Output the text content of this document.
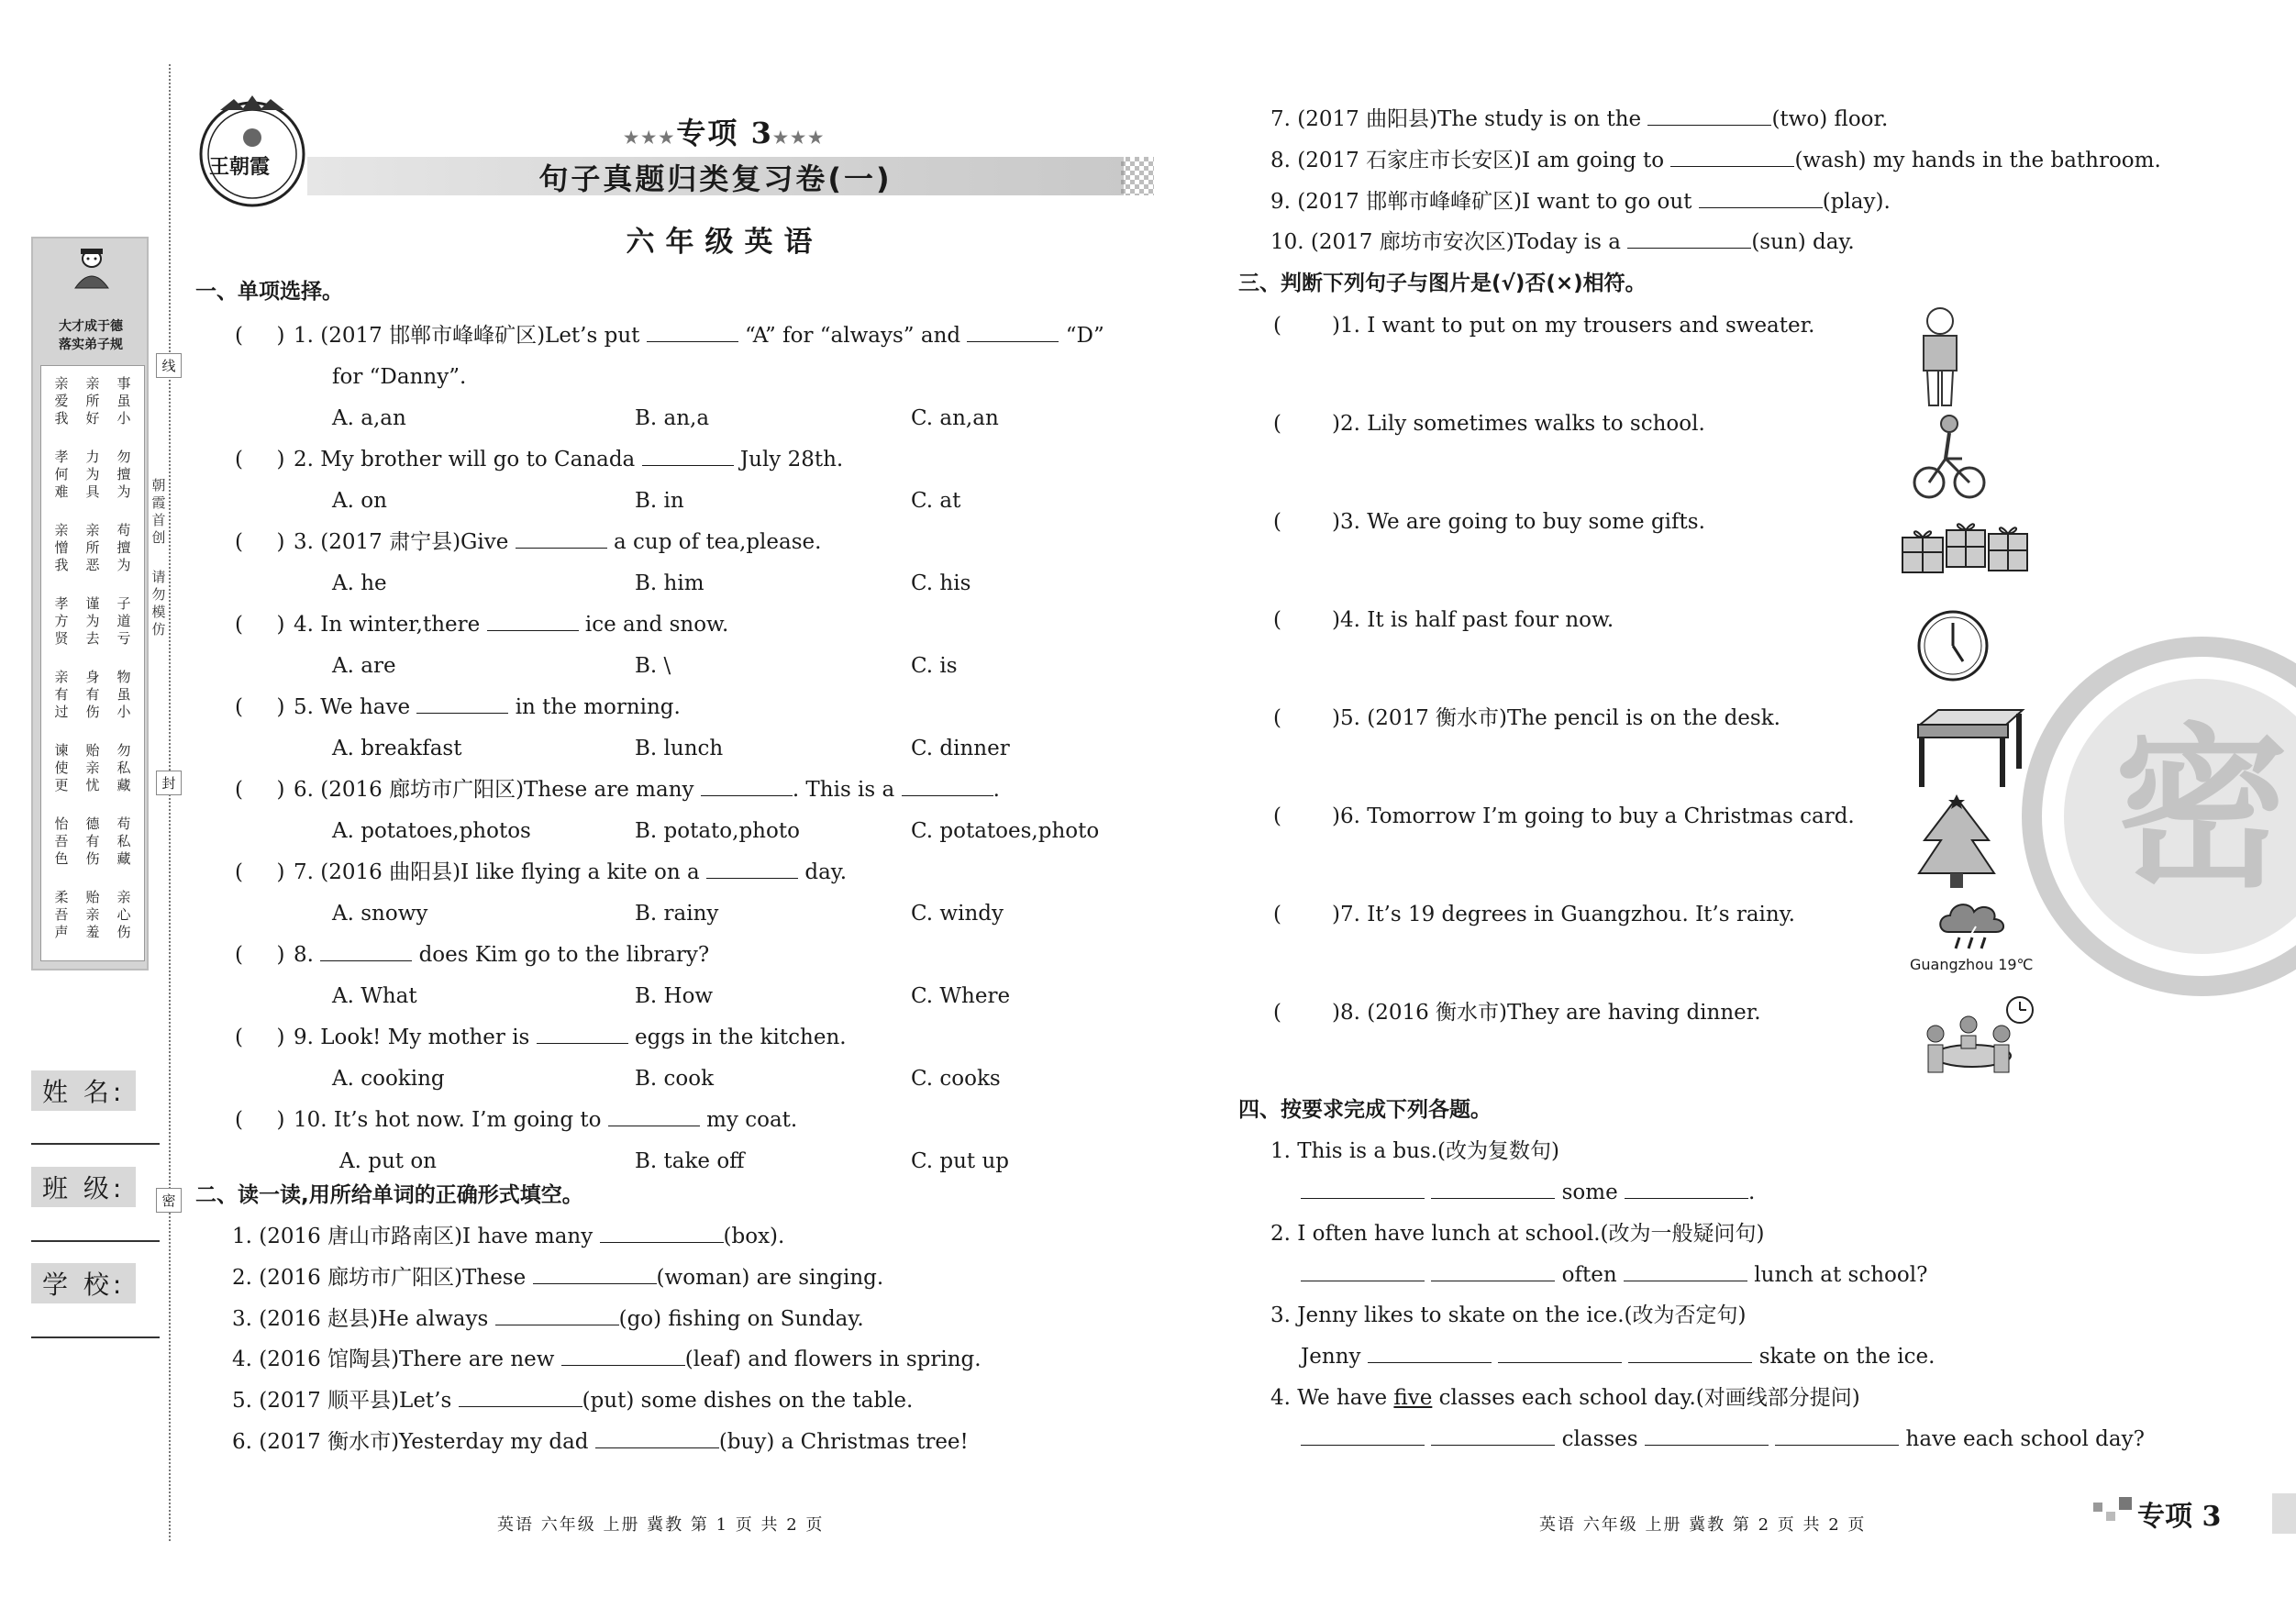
大才成于德
落实弟子规
亲
爱
我
亲
所
好
事
虽
小
孝
何
难
力
为
具
勿
擅
为
亲
憎
我
亲
所
恶
苟
擅
为
孝
方
贤
谨
为
去
子
道
亏
亲
有
过
身
有
伤
物
虽
小
谏
使
更
贻
亲
忧
勿
私
藏
怡
吾
色
德
有
伤
苟
私
藏
柔
吾
声
贻
亲
羞
亲
心
伤
线
封
密
朝
霞
首
创
请
勿
模
仿
姓 名:
班 级:
学 校:
王朝霞
★★★专项 3★★★
句子真题归类复习卷(一)
六年级英语
一、单项选择。
二、读一读,用所给单词的正确形式填空。
三、判断下列句子与图片是(√)否(×)相符。
Guangzhou 19℃
四、按要求完成下列各题。
密
英语 六年级 上册 冀教 第 1 页 共 2 页	英语 六年级 上册 冀教 第 2 页 共 2 页	专项 3
(     ) 1. (2017 邯郸市峰峰矿区)Let’s put	“A” for “always” and	“D”
for “Danny”.
A. a,an	B. an,a	C. an,an
(     ) 2. My brother will go to Canada	July 28th.
A. on	B. in	C. at
(     ) 3. (2017 肃宁县)Give	a cup of tea,please.
A. he	B. him	C. his
(     ) 4. In winter,there	ice and snow.
A. are	B. \	C. is
(     ) 5. We have	in the morning.
A. breakfast	B. lunch	C. dinner
(     ) 6. (2016 廊坊市广阳区)These are many	. This is a	.
A. potatoes,photos	B. potato,photo	C. potatoes,photo
(     ) 7. (2016 曲阳县)I like flying a kite on a	day.
A. snowy	B. rainy	C. windy
(     ) 8.	does Kim go to the library?
A. What	B. How	C. Where
(     ) 9. Look! My mother is	eggs in the kitchen.
A. cooking	B. cook	C. cooks
(     ) 10. It’s hot now. I’m going to	my coat.
A. put on	B. take off	C. put up
1. (2016 唐山市路南区)I have many	(box).
2. (2016 廊坊市广阳区)These	(woman) are singing.
3. (2016 赵县)He always	(go) fishing on Sunday.
4. (2016 馆陶县)There are new	(leaf) and flowers in spring.
5. (2017 顺平县)Let’s	(put) some dishes on the table.
6. (2017 衡水市)Yesterday my dad	(buy) a Christmas tree!
7. (2017 曲阳县)The study is on the	(two) floor.
8. (2017 石家庄市长安区)I am going to	(wash) my hands in the bathroom.
9. (2017 邯郸市峰峰矿区)I want to go out	(play).
10. (2017 廊坊市安次区)Today is a	(sun) day.
( )1. I want to put on my trousers and sweater.
( )2. Lily sometimes walks to school.
( )3. We are going to buy some gifts.
( )4. It is half past four now.
( )5. (2017 衡水市)The pencil is on the desk.
( )6. Tomorrow I’m going to buy a Christmas card.
( )7. It’s 19 degrees in Guangzhou. It’s rainy.
( )8. (2016 衡水市)They are having dinner.
1. This is a bus.(改为复数句)
some	.
2. I often have lunch at school.(改为一般疑问句)
often	lunch at school?
3. Jenny likes to skate on the ice.(改为否定句)
Jenny	skate on the ice.
4. We have five classes each school day.(对画线部分提问)
classes	have each school day?
